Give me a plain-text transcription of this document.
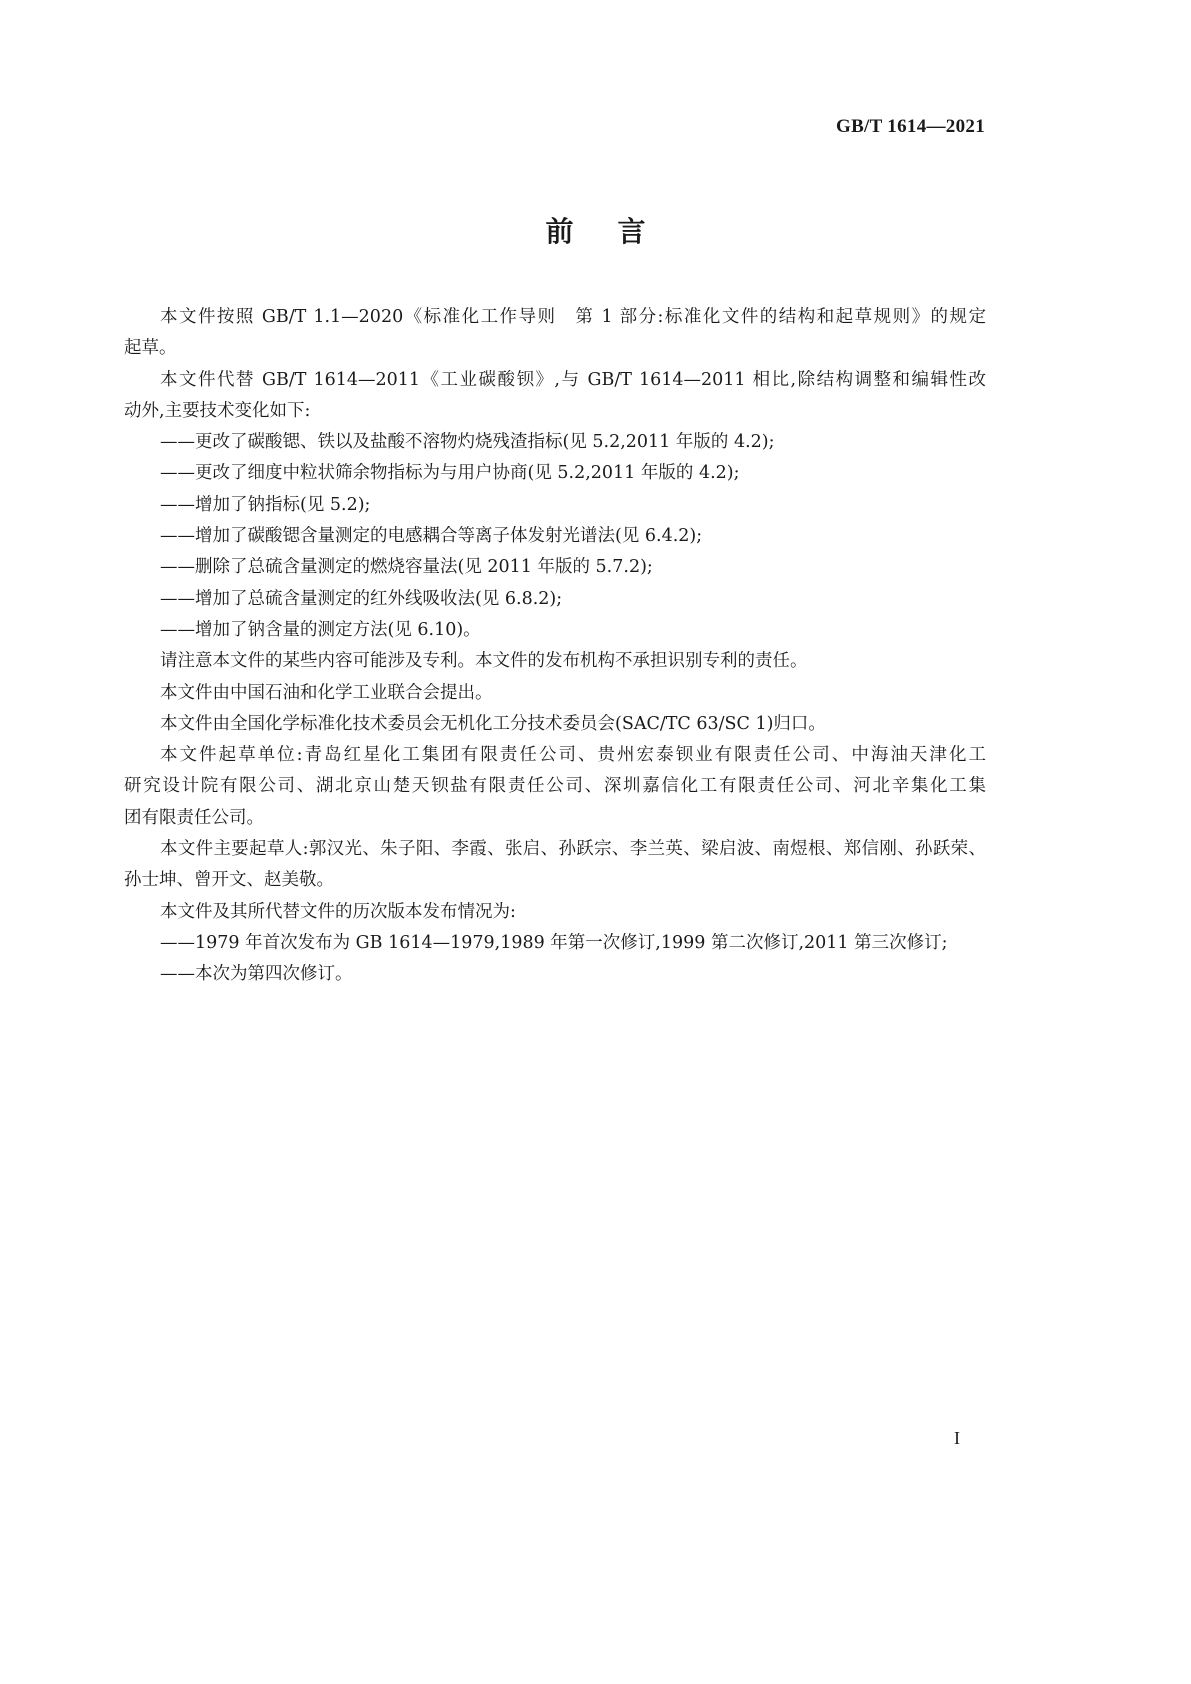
GB/T 1614—2021
前 言
本文件按照 GB/T 1.1—2020《标准化工作导则　第 1 部分:标准化文件的结构和起草规则》的规定
起草。
本文件代替 GB/T 1614—2011《工业碳酸钡》,与 GB/T 1614—2011 相比,除结构调整和编辑性改
动外,主要技术变化如下:
——更改了碳酸锶、铁以及盐酸不溶物灼烧残渣指标(见 5.2,2011 年版的 4.2);
——更改了细度中粒状筛余物指标为与用户协商(见 5.2,2011 年版的 4.2);
——增加了钠指标(见 5.2);
——增加了碳酸锶含量测定的电感耦合等离子体发射光谱法(见 6.4.2);
——删除了总硫含量测定的燃烧容量法(见 2011 年版的 5.7.2);
——增加了总硫含量测定的红外线吸收法(见 6.8.2);
——增加了钠含量的测定方法(见 6.10)。
请注意本文件的某些内容可能涉及专利。本文件的发布机构不承担识别专利的责任。
本文件由中国石油和化学工业联合会提出。
本文件由全国化学标准化技术委员会无机化工分技术委员会(SAC/TC 63/SC 1)归口。
本文件起草单位:青岛红星化工集团有限责任公司、贵州宏泰钡业有限责任公司、中海油天津化工
研究设计院有限公司、湖北京山楚天钡盐有限责任公司、深圳嘉信化工有限责任公司、河北辛集化工集
团有限责任公司。
本文件主要起草人:郭汉光、朱子阳、李霞、张启、孙跃宗、李兰英、梁启波、南煜根、郑信刚、孙跃荣、
孙士坤、曾开文、赵美敬。
本文件及其所代替文件的历次版本发布情况为:
——1979 年首次发布为 GB 1614—1979,1989 年第一次修订,1999 第二次修订,2011 第三次修订;
——本次为第四次修订。
I
